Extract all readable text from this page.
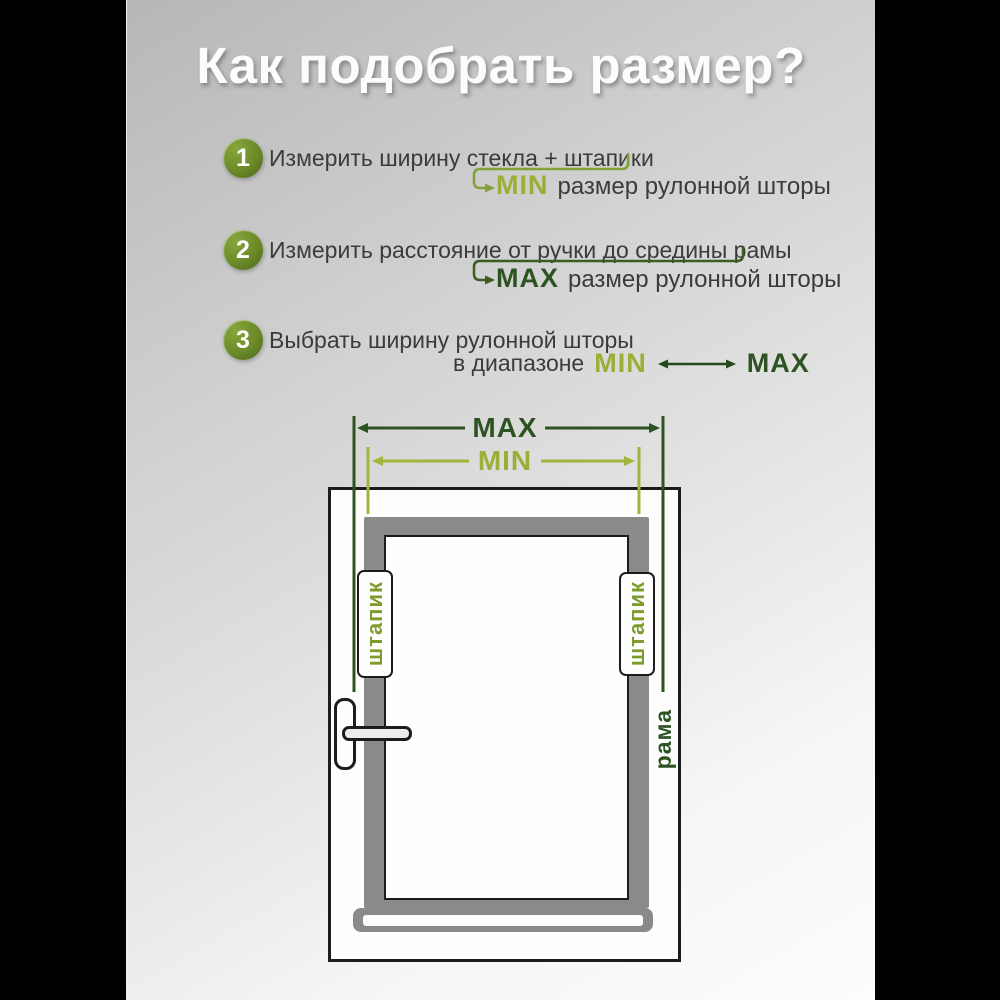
Как подобрать размер?
1 Измерить ширину стекла + штапики
MIN размер рулонной шторы
2 Измерить расстояние от ручки до средины рамы
MAX размер рулонной шторы
3 Выбрать ширину рулонной шторы
в диапазоне MIN	MAX
штапик	штапик
рама
MAX
MIN
